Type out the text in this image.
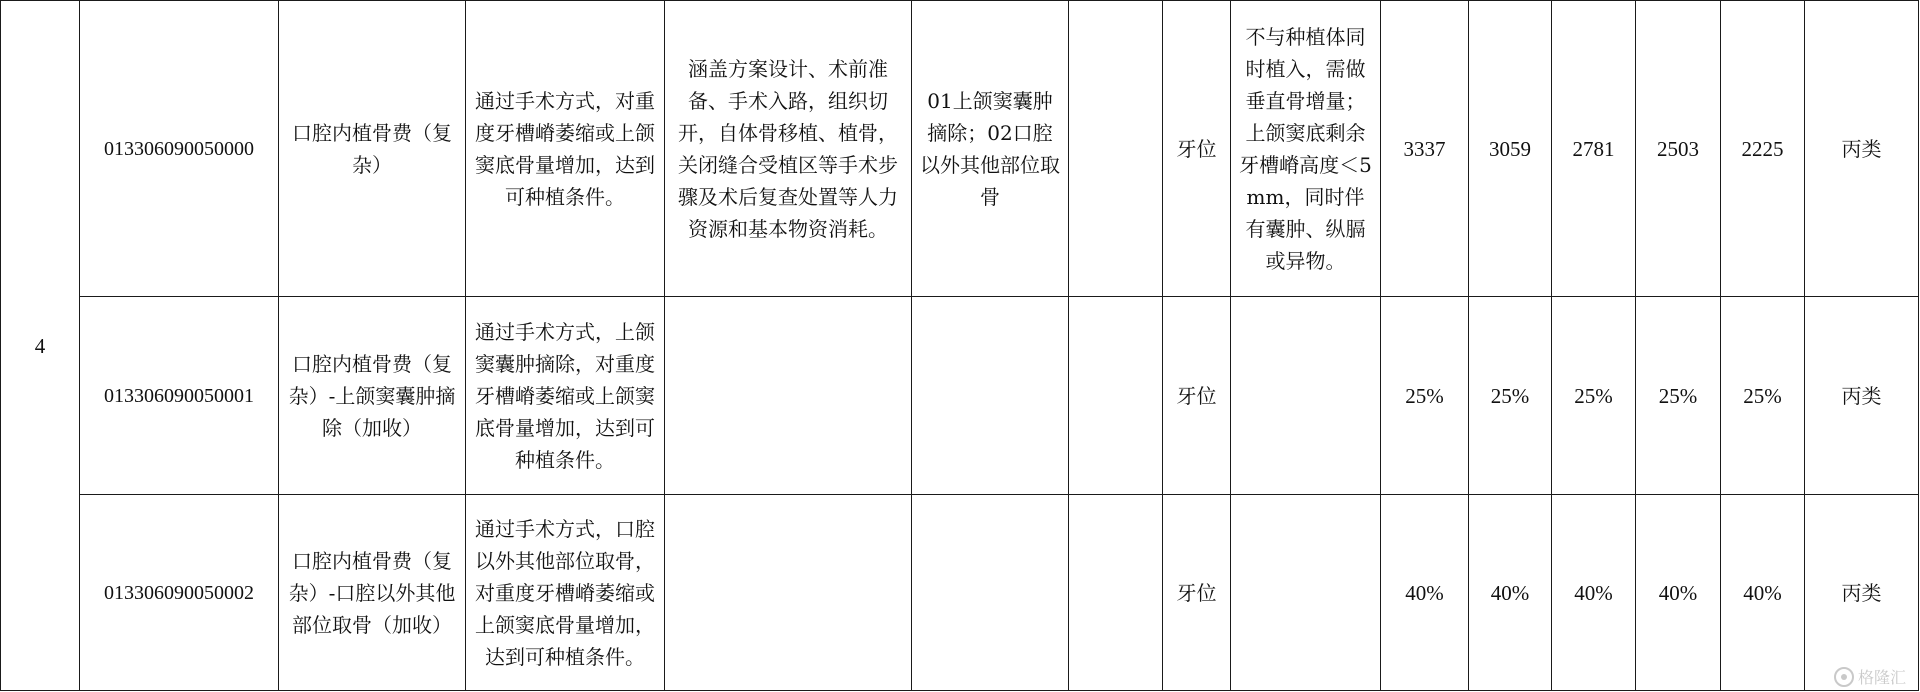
4	013306090050000	口腔内植骨费（复杂）	通过手术方式，对重度牙槽嵴萎缩或上颌窦底骨量增加，达到可种植条件。	涵盖方案设计、术前准备、手术入路，组织切开，自体骨移植、植骨，关闭缝合受植区等手术步骤及术后复查处置等人力资源和基本物资消耗。	01上颌窦囊肿摘除；02口腔以外其他部位取骨		牙位	不与种植体同时植入，需做垂直骨增量；上颌窦底剩余牙槽嵴高度＜5mm，同时伴有囊肿、纵膈或异物。	3337	3059	2781	2503	2225	丙类
	013306090050001	口腔内植骨费（复杂）-上颌窦囊肿摘除（加收）	通过手术方式，上颌窦囊肿摘除，对重度牙槽嵴萎缩或上颌窦底骨量增加，达到可种植条件。				牙位		25%	25%	25%	25%	25%	丙类
	013306090050002	口腔内植骨费（复杂）-口腔以外其他部位取骨（加收）	通过手术方式，口腔以外其他部位取骨，对重度牙槽嵴萎缩或上颌窦底骨量增加，达到可种植条件。				牙位		40%	40%	40%	40%	40%	丙类
格隆汇
